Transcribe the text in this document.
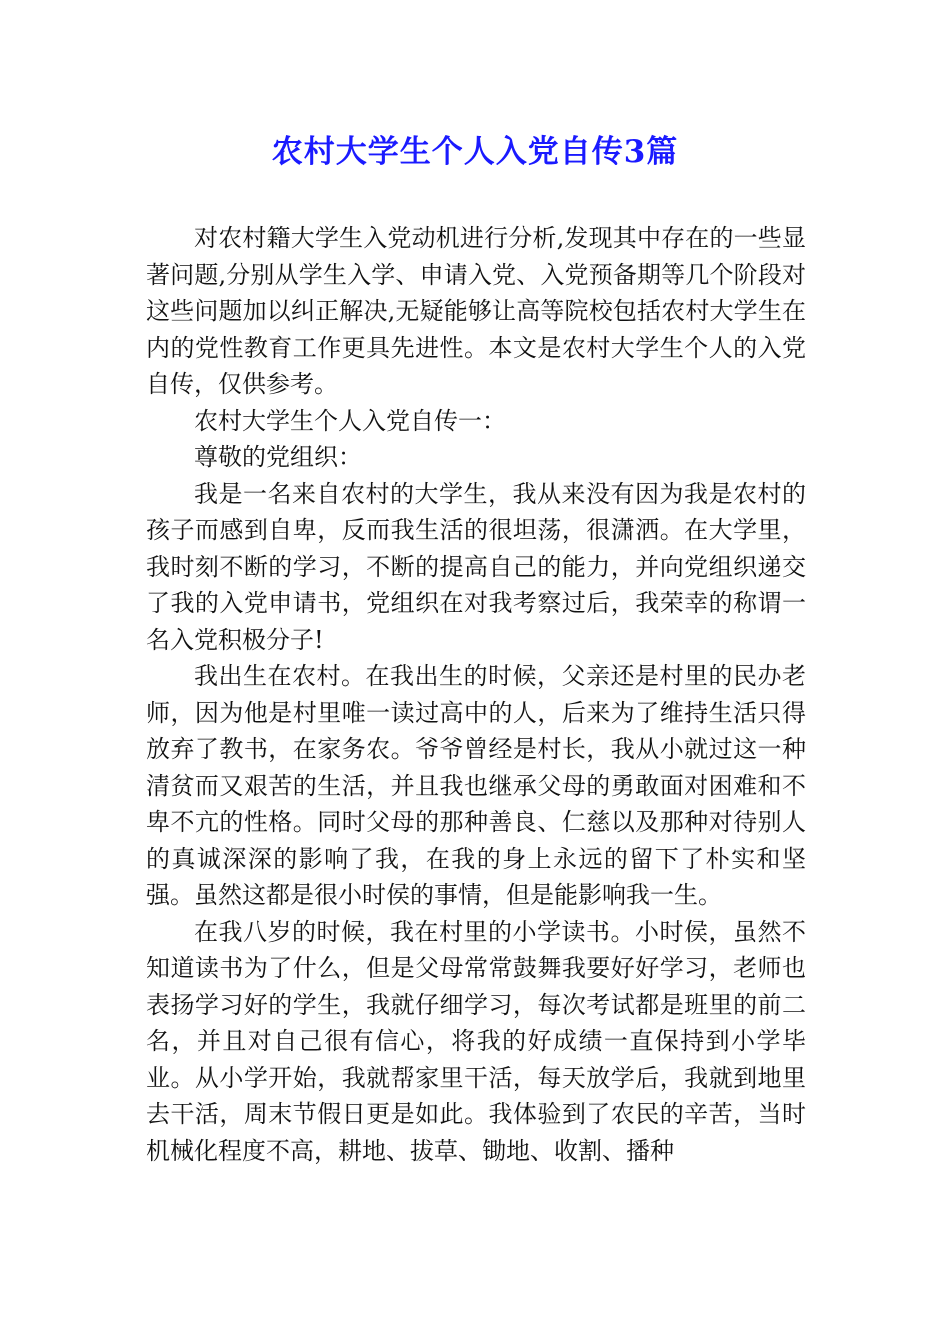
农村大学生个人入党自传3篇

对农村籍大学生入党动机进行分析,发现其中存在的一些显著问题,分别从学生入学、申请入党、入党预备期等几个阶段对这些问题加以纠正解决,无疑能够让高等院校包括农村大学生在内的党性教育工作更具先进性。本文是农村大学生个人的入党自传，仅供参考。

农村大学生个人入党自传一：

尊敬的党组织：

我是一名来自农村的大学生，我从来没有因为我是农村的孩子而感到自卑，反而我生活的很坦荡，很潇洒。在大学里，我时刻不断的学习，不断的提高自己的能力，并向党组织递交了我的入党申请书，党组织在对我考察过后，我荣幸的称谓一名入党积极分子!

我出生在农村。在我出生的时候，父亲还是村里的民办老师，因为他是村里唯一读过高中的人，后来为了维持生活只得放弃了教书，在家务农。爷爷曾经是村长，我从小就过这一种清贫而又艰苦的生活，并且我也继承父母的勇敢面对困难和不卑不亢的性格。同时父母的那种善良、仁慈以及那种对待别人的真诚深深的影响了我，在我的身上永远的留下了朴实和坚强。虽然这都是很小时侯的事情，但是能影响我一生。

在我八岁的时候，我在村里的小学读书。小时侯，虽然不知道读书为了什么，但是父母常常鼓舞我要好好学习，老师也表扬学习好的学生，我就仔细学习，每次考试都是班里的前二名，并且对自己很有信心，将我的好成绩一直保持到小学毕业。从小学开始，我就帮家里干活，每天放学后，我就到地里去干活，周末节假日更是如此。我体验到了农民的辛苦，当时机械化程度不高，耕地、拔草、锄地、收割、播种
